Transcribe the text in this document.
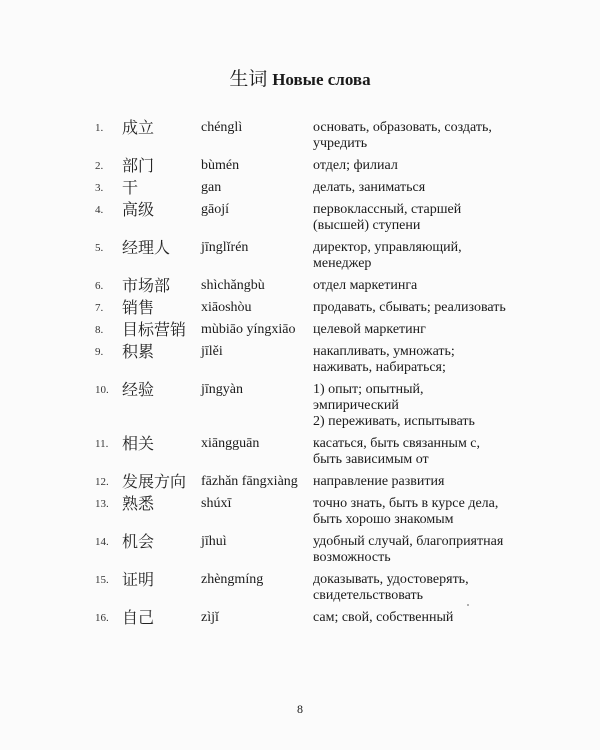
生词 Новые слова
1. 成立	chénglì	основать, образовать, создать,
учредить
2. 部门	bùmén	отдел; филиал
3. 干	gan	делать, заниматься
4. 高级	gāojí	первоклассный, старшей
(высшей) ступени
5. 经理人 jīnglǐrén	директор, управляющий,
менеджер
6. 市场部 shìchǎngbù	отдел маркетинга
7. 销售	xiāoshòu	продавать, сбывать; реализовать
8. 目标营销 mùbiāo yíngxiāo целевой маркетинг
9. 积累	jīlěi	накапливать, умножать;
наживать, набираться;
10. 经验	jīngyàn	1) опыт; опытный,
эмпирический
2) переживать, испытывать
11. 相关	xiāngguān	касаться, быть связанным с,
быть зависимым от
12. 发展方向 fāzhǎn fāngxiàng направление развития
13. 熟悉	shúxī	точно знать, быть в курсе дела,
быть хорошо знакомым
14. 机会	jīhuì	удобный случай, благоприятная
возможность
15. 证明	zhèngmíng	доказывать, удостоверять,
свидетельствовать
16. 自己	zìjǐ	сам; свой, собственный
8
